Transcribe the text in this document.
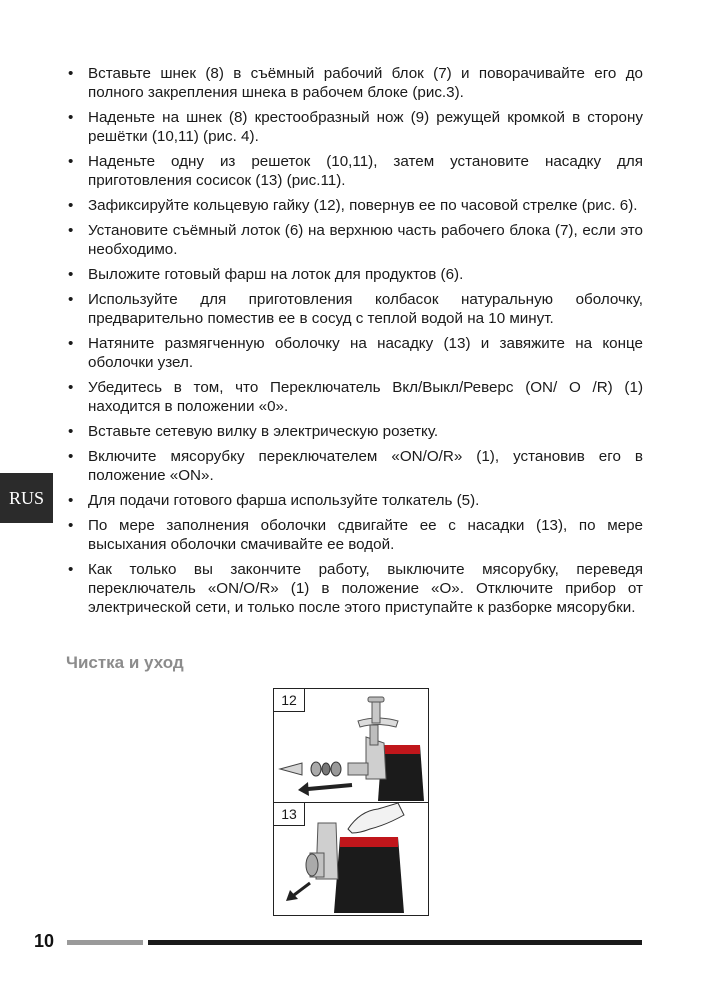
• Вставьте шнек (8) в съёмный рабочий блок (7) и поворачивайте его до полного закрепления шнека в рабочем блоке (рис.3).
• Наденьте на шнек (8) крестообразный нож (9) режущей кромкой в сторону решётки (10,11) (рис. 4).
• Наденьте одну из решеток (10,11), затем установите насадку для приготовления сосисок (13) (рис.11).
• Зафиксируйте кольцевую гайку (12), повернув ее по часовой стрелке (рис. 6).
• Установите съёмный лоток (6) на верхнюю часть рабочего блока (7), если это необходимо.
• Выложите готовый фарш на лоток для продуктов (6).
• Используйте для приготовления колбасок натуральную оболочку, предварительно поместив ее в сосуд с теплой водой на 10 минут.
• Натяните размягченную оболочку на насадку (13) и завяжите на конце оболочки узел.
• Убедитесь в том, что Переключатель Вкл/Выкл/Реверс (ON/ O /R) (1) находится в положении «0».
• Вставьте сетевую вилку в электрическую розетку.
• Включите мясорубку переключателем «ON/O/R» (1), установив его в положение «ON».
• Для подачи готового фарша используйте толкатель (5).
• По мере заполнения оболочки сдвигайте ее с насадки (13), по мере высыхания оболочки смачивайте ее водой.
• Как только вы закончите работу, выключите мясорубку, переведя переключатель «ON/O/R» (1) в положение «О». Отключите прибор от электрической сети, и только после этого приступайте к разборке мясорубки.
RUS
Чистка и уход
12
13
10
